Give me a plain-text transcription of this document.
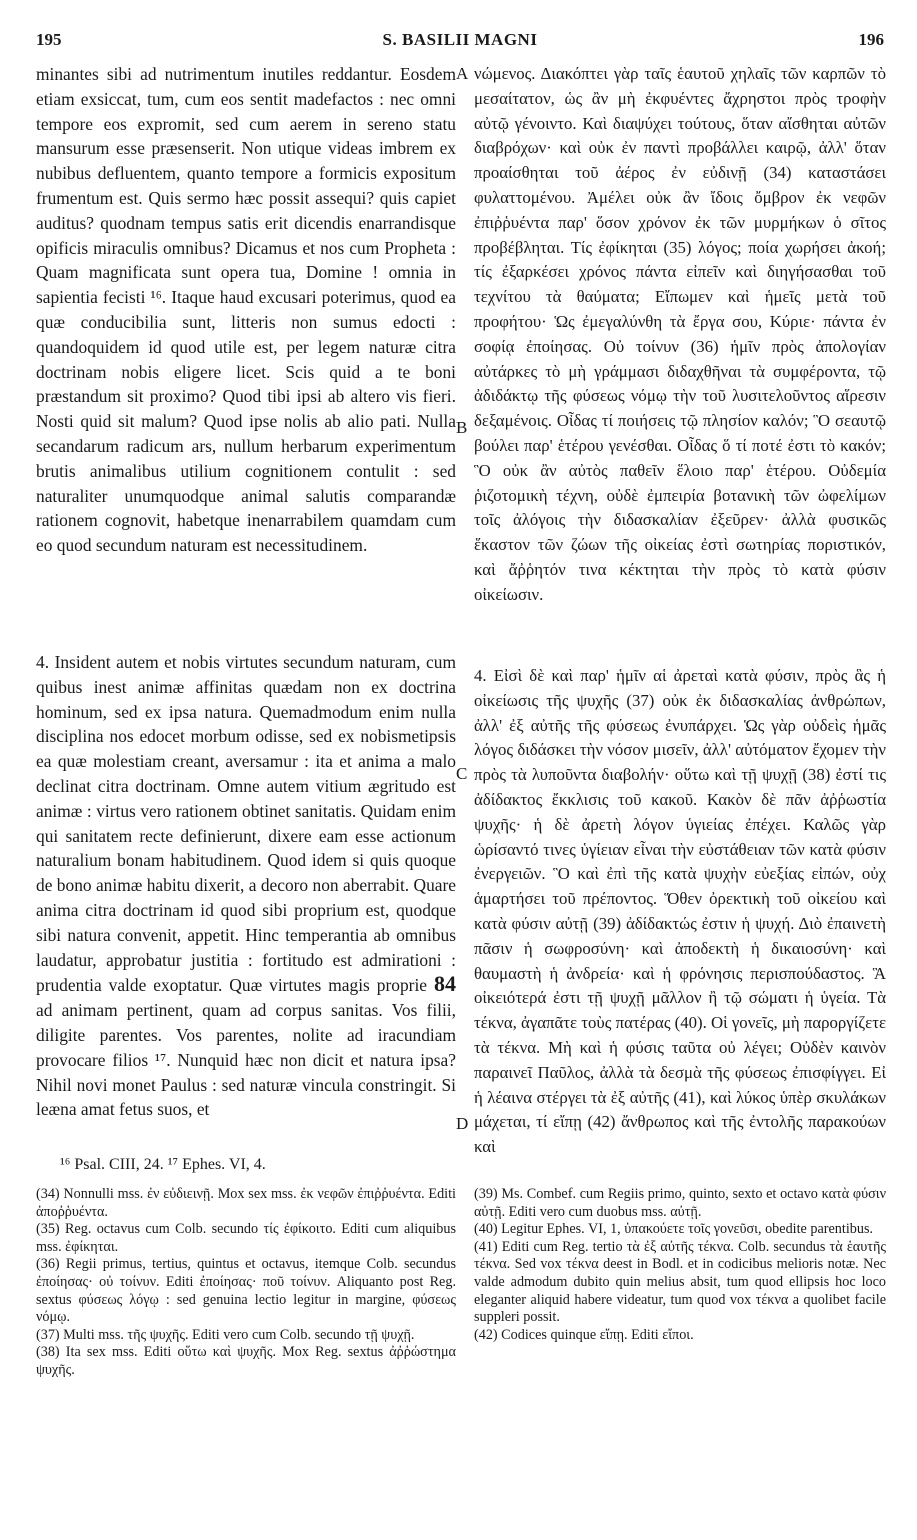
195	S. BASILII MAGNI	196
A
B
C
D

minantes sibi ad nutrimentum inutiles reddantur. Eosdem etiam exsiccat, tum, cum eos sentit madefactos : nec omni tempore eos expromit, sed cum aerem in sereno statu mansurum esse præsenserit. Non utique videas imbrem ex nubibus defluentem, quanto tempore a formicis expositum frumentum est. Quis sermo hæc possit assequi? quis capiet auditus? quodnam tempus satis erit dicendis enarrandisque opificis miraculis omnibus? Dicamus et nos cum Propheta : Quam magnificata sunt opera tua, Domine ! omnia in sapientia fecisti ¹⁶. Itaque haud excusari poterimus, quod ea quæ conducibilia sunt, litteris non sumus edocti : quandoquidem id quod utile est, per legem naturæ citra doctrinam nobis eligere licet. Scis quid a te boni præstandum sit proximo? Quod tibi ipsi ab altero vis fieri. Nosti quid sit malum? Quod ipse nolis ab alio pati. Nulla secandarum radicum ars, nullum herbarum experimentum brutis animalibus utilium cognitionem contulit : sed naturaliter unumquodque animal salutis comparandæ rationem cognovit, habetque inenarrabilem quamdam cum eo quod secundum naturam est necessitudinem.

νώμενος. Διακόπτει γὰρ ταῖς ἑαυτοῦ χηλαῖς τῶν καρπῶν τὸ μεσαίτατον, ὡς ἂν μὴ ἐκφυέντες ἄχρηστοι πρὸς τροφὴν αὐτῷ γένοιντο. Καὶ διαψύχει τούτους, ὅταν αἴσθηται αὐτῶν διαβρόχων· καὶ οὐκ ἐν παντὶ προβάλλει καιρῷ, ἀλλ' ὅταν προαίσθηται τοῦ ἀέρος ἐν εὐδινῇ (34) καταστάσει φυλαττομένου. Ἀμέλει οὐκ ἂν ἴδοις ὄμβρον ἐκ νεφῶν ἐπιῤῥυέντα παρ' ὅσον χρόνον ἐκ τῶν μυρμήκων ὁ σῖτος προβέβληται. Τίς ἐφίκηται (35) λόγος; ποία χωρήσει ἀκοή; τίς ἐξαρκέσει χρόνος πάντα εἰπεῖν καὶ διηγήσασθαι τοῦ τεχνίτου τὰ θαύματα; Εἴπωμεν καὶ ἡμεῖς μετὰ τοῦ προφήτου· Ὡς ἐμεγαλύνθη τὰ ἔργα σου, Κύριε· πάντα ἐν σοφίᾳ ἐποίησας. Οὐ τοίνυν (36) ἡμῖν πρὸς ἀπολογίαν αὐτάρκες τὸ μὴ γράμμασι διδαχθῆναι τὰ συμφέροντα, τῷ ἀδιδάκτῳ τῆς φύσεως νόμῳ τὴν τοῦ λυσιτελοῦντος αἵρεσιν δεξαμένοις. Οἶδας τί ποιήσεις τῷ πλησίον καλόν; Ὃ σεαυτῷ βούλει παρ' ἑτέρου γενέσθαι. Οἶδας ὅ τί ποτέ ἐστι τὸ κακόν; Ὃ οὐκ ἂν αὐτὸς παθεῖν ἕλοιο παρ' ἑτέρου. Οὐδεμία ῥιζοτομικὴ τέχνη, οὐδὲ ἐμπειρία βοτανικὴ τῶν ὠφελίμων τοῖς ἀλόγοις τὴν διδασκαλίαν ἐξεῦρεν· ἀλλὰ φυσικῶς ἕκαστον τῶν ζώων τῆς οἰκείας ἐστὶ σωτηρίας ποριστικόν, καὶ ἄῤῥητόν τινα κέκτηται τὴν πρὸς τὸ κατὰ φύσιν οἰκείωσιν.

4. Insident autem et nobis virtutes secundum naturam, cum quibus inest animæ affinitas quædam non ex doctrina hominum, sed ex ipsa natura. Quemadmodum enim nulla disciplina nos edocet morbum odisse, sed ex nobismetipsis ea quæ molestiam creant, aversamur : ita et anima a malo declinat citra doctrinam. Omne autem vitium ægritudo est animæ : virtus vero rationem obtinet sanitatis. Quidam enim qui sanitatem recte definierunt, dixere eam esse actionum naturalium bonam habitudinem. Quod idem si quis quoque de bono animæ habitu dixerit, a decoro non aberrabit. Quare anima citra doctrinam id quod sibi proprium est, quodque sibi natura convenit, appetit. Hinc temperantia ab omnibus laudatur, approbatur justitia : fortitudo est admirationi : prudentia valde exoptatur. Quæ virtutes magis proprie 84 ad animam pertinent, quam ad corpus sanitas. Vos filii, diligite parentes. Vos parentes, nolite ad iracundiam provocare filios ¹⁷. Nunquid hæc non dicit et natura ipsa? Nihil novi monet Paulus : sed naturæ vincula constringit. Si leæna amat fetus suos, et

4. Εἰσὶ δὲ καὶ παρ' ἡμῖν αἱ ἀρεταὶ κατὰ φύσιν, πρὸς ἃς ἡ οἰκείωσις τῆς ψυχῆς (37) οὐκ ἐκ διδασκαλίας ἀνθρώπων, ἀλλ' ἐξ αὐτῆς τῆς φύσεως ἐνυπάρχει. Ὡς γὰρ οὐδεὶς ἡμᾶς λόγος διδάσκει τὴν νόσον μισεῖν, ἀλλ' αὐτόματον ἔχομεν τὴν πρὸς τὰ λυποῦντα διαβολήν· οὕτω καὶ τῇ ψυχῇ (38) ἐστί τις ἀδίδακτος ἔκκλισις τοῦ κακοῦ. Κακὸν δὲ πᾶν ἀῤῥωστία ψυχῆς· ἡ δὲ ἀρετὴ λόγον ὑγιείας ἐπέχει. Καλῶς γὰρ ὡρίσαντό τινες ὑγίειαν εἶναι τὴν εὐστάθειαν τῶν κατὰ φύσιν ἐνεργειῶν. Ὃ καὶ ἐπὶ τῆς κατὰ ψυχὴν εὐεξίας εἰπών, οὐχ ἁμαρτήσει τοῦ πρέποντος. Ὅθεν ὀρεκτικὴ τοῦ οἰκείου καὶ κατὰ φύσιν αὐτῇ (39) ἀδίδακτώς ἐστιν ἡ ψυχή. Διὸ ἐπαινετὴ πᾶσιν ἡ σωφροσύνη· καὶ ἀποδεκτὴ ἡ δικαιοσύνη· καὶ θαυμαστὴ ἡ ἀνδρεία· καὶ ἡ φρόνησις περισπούδαστος. Ἃ οἰκειότερά ἐστι τῇ ψυχῇ μᾶλλον ἢ τῷ σώματι ἡ ὑγεία. Τὰ τέκνα, ἀγαπᾶτε τοὺς πατέρας (40). Οἱ γονεῖς, μὴ παροργίζετε τὰ τέκνα. Μὴ καὶ ἡ φύσις ταῦτα οὐ λέγει; Οὐδὲν καινὸν παραινεῖ Παῦλος, ἀλλὰ τὰ δεσμὰ τῆς φύσεως ἐπισφίγγει. Εἰ ἡ λέαινα στέργει τὰ ἐξ αὐτῆς (41), καὶ λύκος ὑπὲρ σκυλάκων μάχεται, τί εἴπῃ (42) ἄνθρωπος καὶ τῆς ἐντολῆς παρακούων καὶ

¹⁶ Psal. CIII, 24. ¹⁷ Ephes. VI, 4.

(34) Nonnulli mss. ἐν εὐδιεινῇ. Mox sex mss. ἐκ νεφῶν ἐπιῤῥυέντα. Editi ἀποῤῥυέντα.

(35) Reg. octavus cum Colb. secundo τίς ἐφίκοιτο. Editi cum aliquibus mss. ἐφίκηται.

(36) Regii primus, tertius, quintus et octavus, itemque Colb. secundus ἐποίησας· οὐ τοίνυν. Editi ἐποίησας· ποῦ τοίνυν. Aliquanto post Reg. sextus φύσεως λόγῳ : sed genuina lectio legitur in margine, φύσεως νόμῳ.

(37) Multi mss. τῆς ψυχῆς. Editi vero cum Colb. secundo τῇ ψυχῇ.

(38) Ita sex mss. Editi οὕτω καὶ ψυχῆς. Mox Reg. sextus ἀῤῥώστημα ψυχῆς.

(39) Ms. Combef. cum Regiis primo, quinto, sexto et octavo κατὰ φύσιν αὐτῇ. Editi vero cum duobus mss. αὐτῇ.

(40) Legitur Ephes. VI, 1, ὑπακούετε τοῖς γονεῦσι, obedite parentibus.

(41) Editi cum Reg. tertio τὰ ἐξ αὐτῆς τέκνα. Colb. secundus τὰ ἑαυτῆς τέκνα. Sed vox τέκνα deest in Bodl. et in codicibus melioris notæ. Nec valde admodum dubito quin melius absit, tum quod ellipsis hoc loco eleganter aliquid habere videatur, tum quod vox τέκνα a quolibet facile suppleri possit.

(42) Codices quinque εἴπῃ. Editi εἴποι.
